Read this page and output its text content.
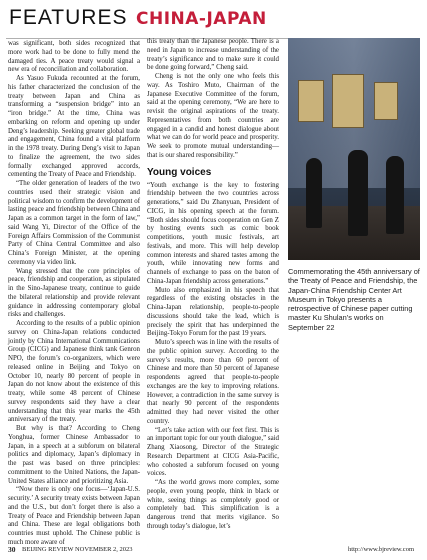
FEATURES CHINA-JAPAN

was significant, both sides recognized that more work had to be done to fully mend the damaged ties. A peace treaty would signal a new era of reconciliation and collaboration.

As Yasuo Fukuda recounted at the forum, his father characterized the conclusion of the treaty between Japan and China as transforming a “suspension bridge” into an “iron bridge.” At the time, China was embarking on reform and opening up under Deng’s leadership. Seeking greater global trade and engagement, China found a vital platform in the 1978 treaty. During Deng’s visit to Japan to finalize the agreement, the two sides formally exchanged approved accords, cementing the Treaty of Peace and Friendship.

“The older generation of leaders of the two countries used their strategic vision and political wisdom to confirm the development of lasting peace and friendship between China and Japan as a common target in the form of law,” said Wang Yi, Director of the Office of the Foreign Affairs Commission of the Communist Party of China Central Committee and also China’s Foreign Minister, at the opening ceremony via video link.

Wang stressed that the core principles of peace, friendship and cooperation, as stipulated in the Sino-Japanese treaty, continue to guide the bilateral relationship and provide relevant guidance in addressing contemporary global risks and challenges.

According to the results of a public opinion survey on China-Japan relations conducted jointly by China International Communications Group (CICG) and Japanese think tank Genron NPO, the forum’s co-organizers, which were released online in Beijing and Tokyo on October 10, nearly 80 percent of people in Japan do not know about the existence of this treaty, while some 48 percent of Chinese survey respondents said they have a clear understanding that this year marks the 45th anniversary of the treaty.

But why is that? According to Cheng Yonghua, former Chinese Ambassador to Japan, in a speech at a subforum on bilateral politics and diplomacy, Japan’s diplomacy in the past was based on three principles: commitment to the United Nations, the Japan-United States alliance and prioritizing Asia.

“Now there is only one focus—‘Japan-U.S. security.’ A security treaty exists between Japan and the U.S., but don’t forget there is also a Treaty of Peace and Friendship between Japan and China. These are legal obligations both countries must uphold. The Chinese public is much more aware of

this treaty than the Japanese people. There is a need in Japan to increase understanding of the treaty’s significance and to make sure it could be done going forward,” Cheng said.

Cheng is not the only one who feels this way. As Toshiro Muto, Chairman of the Japanese Executive Committee of the forum, said at the opening ceremony, “We are here to revisit the original aspirations of the treaty. Representatives from both countries are engaged in a candid and honest dialogue about what we can do for world peace and prosperity. We seek to promote mutual understanding—that is our shared responsibility.”

Young voices

“Youth exchange is the key to fostering friendship between the two countries across generations,” said Du Zhanyuan, President of CICG, in his opening speech at the forum. “Both sides should focus cooperation on Gen Z by hosting events such as comic book competitions, youth music festivals, art festivals, and more. This will help develop common interests and shared tastes among the youth, while innovating new forms and channels of exchange to pass on the baton of China-Japan friendship across generations.”

Muto also emphasized in his speech that regardless of the existing obstacles in the China-Japan relationship, people-to-people discussions should take the lead, which is precisely the spirit that has underpinned the Beijing-Tokyo Forum for the past 19 years.

Muto’s speech was in line with the results of the public opinion survey. According to the survey’s results, more than 60 percent of Chinese and more than 50 percent of Japanese respondents agreed that people-to-people exchanges are the key to improving relations. However, a contradiction in the same survey is that nearly 90 percent of the respondents admitted they had never visited the other country.

“Let’s take action with our feet first. This is an important topic for our youth dialogue,” said Zhang Xiaosong, Director of the Strategic Research Department at CICG Asia-Pacific, who cohosted a subforum focused on young voices.

“As the world grows more complex, some people, even young people, think in black or white, seeing things as completely good or completely bad. This simplification is a dangerous trend that merits vigilance. So through today’s dialogue, let’s

Commemorating the 45th anniversary of the Treaty of Peace and Friendship, the Japan-China Friendship Center Art Museum in Tokyo presents a retrospective of Chinese paper cutting master Ku Shulan’s works on September 22
30 BEIJING REVIEW NOVEMBER 2, 2023	http://www.bjreview.com
